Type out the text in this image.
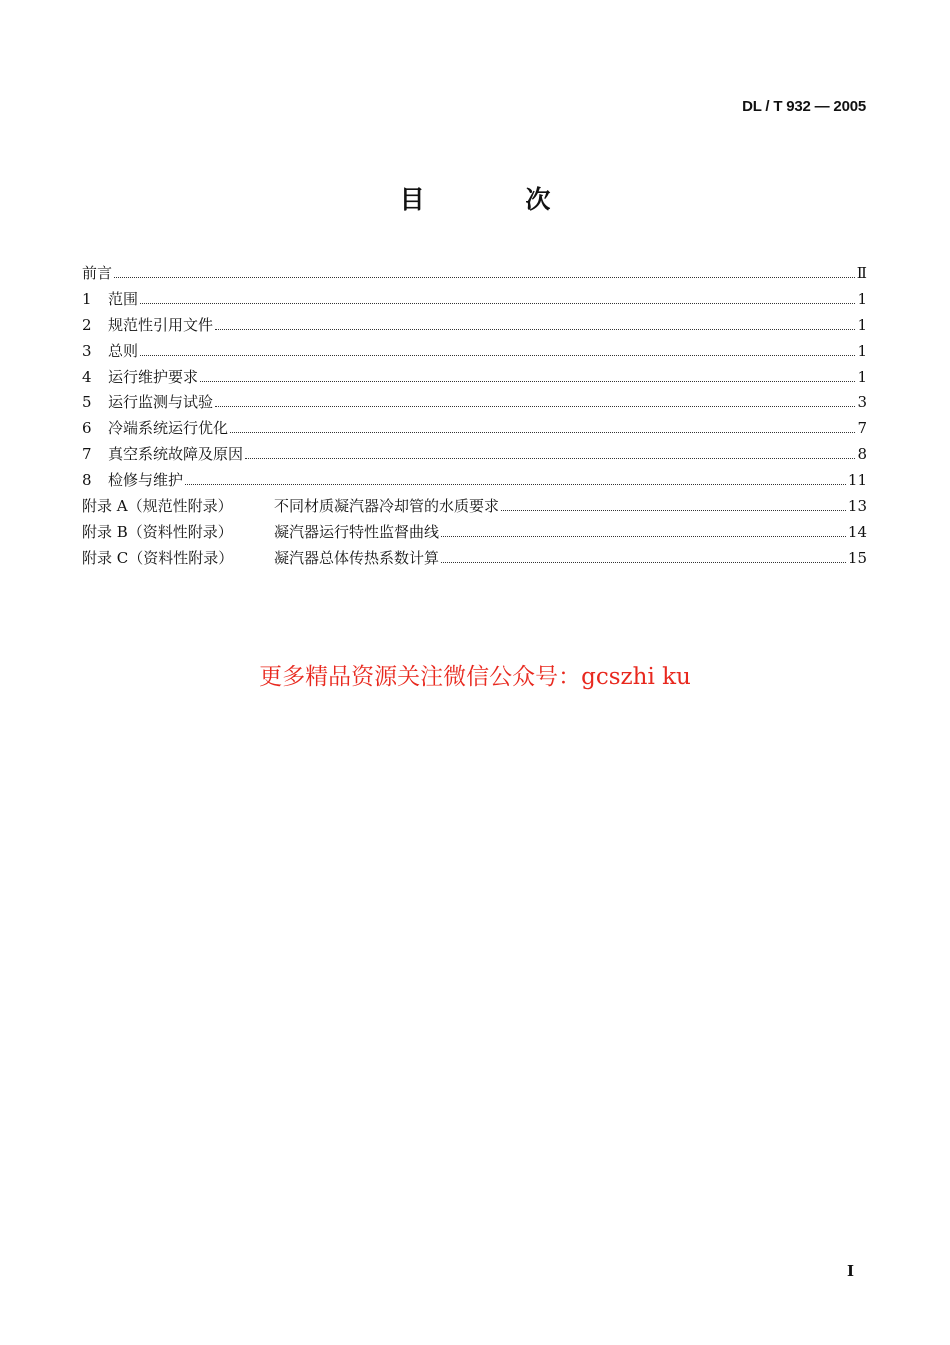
DL / T 932 — 2005
目 次
前言	Ⅱ
1	范围	1
2	规范性引用文件	1
3	总则	1
4	运行维护要求	1
5	运行监测与试验	3
6	冷端系统运行优化	7
7	真空系统故障及原因	8
8	检修与维护	11
附录 A（规范性附录）	不同材质凝汽器冷却管的水质要求	13
附录 B（资料性附录）	凝汽器运行特性监督曲线	14
附录 C（资料性附录）	凝汽器总体传热系数计算	15
更多精品资源关注微信公众号：gcszhi ku
I
